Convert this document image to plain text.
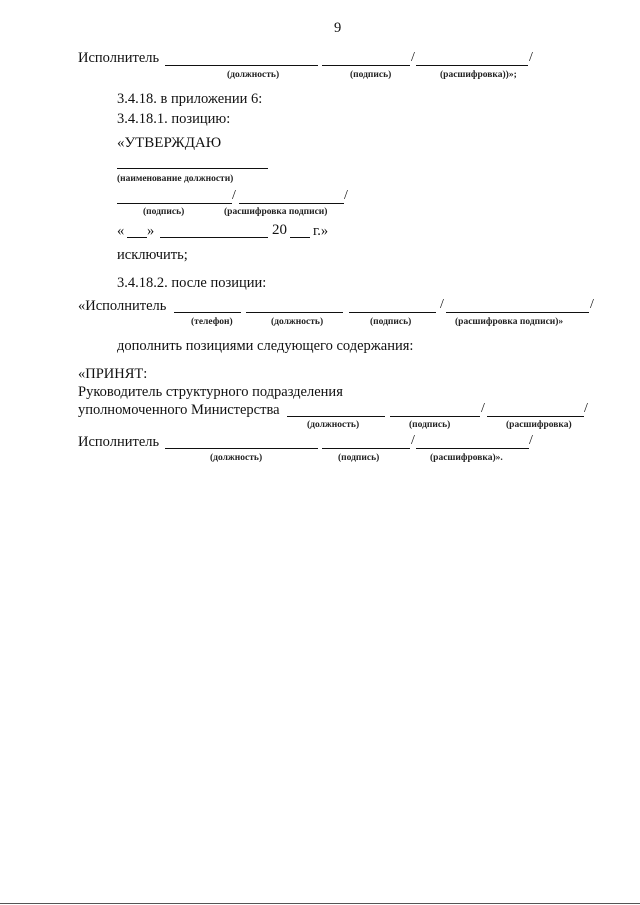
9
Исполнитель	/	/
(должность)	(подпись)	(расшифровка))»;
3.4.18. в приложении 6:
3.4.18.1. позицию:
«УТВЕРЖДАЮ
(наименование должности)
/	/
(подпись)	(расшифровка подписи)
« »	20 г.»
исключить;
3.4.18.2. после позиции:
«Исполнитель	/	/
(телефон)	(должность)	(подпись)	(расшифровка подписи)»
дополнить позициями следующего содержания:
«ПРИНЯТ:
Руководитель структурного подразделения
уполномоченного Министерства	/	/
(должность)	(подпись)	(расшифровка)
Исполнитель	/	/
(должность)	(подпись)	(расшифровка)».
